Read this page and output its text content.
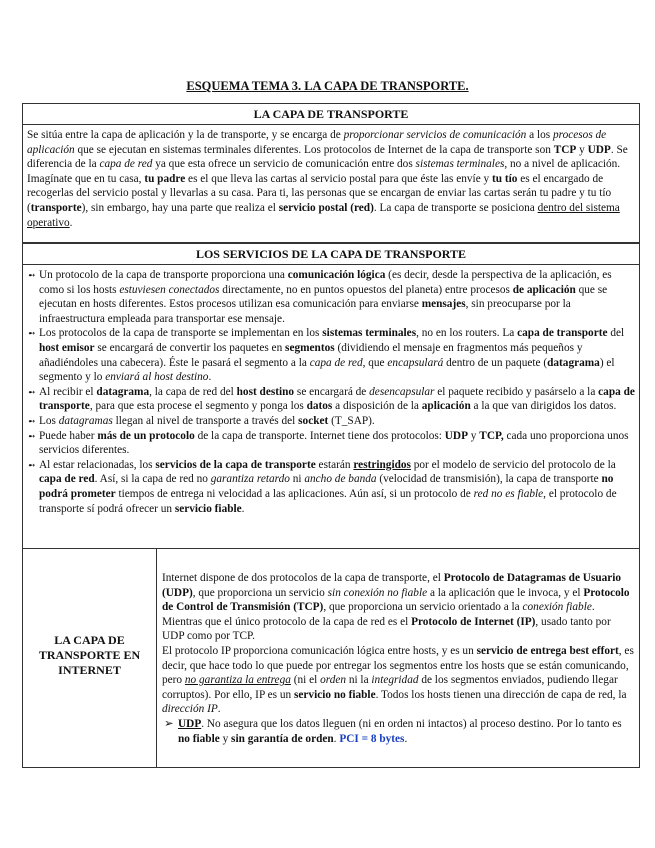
ESQUEMA TEMA 3. LA CAPA DE TRANSPORTE.
LA CAPA DE TRANSPORTE
Se sitúa entre la capa de aplicación y la de transporte, y se encarga de proporcionar servicios de comunicación a los procesos de aplicación que se ejecutan en sistemas terminales diferentes. Los protocolos de Internet de la capa de transporte son TCP y UDP. Se diferencia de la capa de red ya que esta ofrece un servicio de comunicación entre dos sistemas terminales, no a nivel de aplicación. Imagínate que en tu casa, tu padre es el que lleva las cartas al servicio postal para que éste las envíe y tu tío es el encargado de recogerlas del servicio postal y llevarlas a su casa. Para ti, las personas que se encargan de enviar las cartas serán tu padre y tu tío (transporte), sin embargo, hay una parte que realiza el servicio postal (red). La capa de transporte se posiciona dentro del sistema operativo.
LOS SERVICIOS DE LA CAPA DE TRANSPORTE
➻ Un protocolo de la capa de transporte proporciona una comunicación lógica (es decir, desde la perspectiva de la aplicación, es como si los hosts estuviesen conectados directamente, no en puntos opuestos del planeta) entre procesos de aplicación que se ejecutan en hosts diferentes. Estos procesos utilizan esa comunicación para enviarse mensajes, sin preocuparse por la infraestructura empleada para transportar ese mensaje.
➻ Los protocolos de la capa de transporte se implementan en los sistemas terminales, no en los routers. La capa de transporte del host emisor se encargará de convertir los paquetes en segmentos (dividiendo el mensaje en fragmentos más pequeños y añadiéndoles una cabecera). Éste le pasará el segmento a la capa de red, que encapsulará dentro de un paquete (datagrama) el segmento y lo enviará al host destino.
➻ Al recibir el datagrama, la capa de red del host destino se encargará de desencapsular el paquete recibido y pasárselo a la capa de transporte, para que esta procese el segmento y ponga los datos a disposición de la aplicación a la que van dirigidos los datos.
➻ Los datagramas llegan al nivel de transporte a través del socket (T_SAP).
➻ Puede haber más de un protocolo de la capa de transporte. Internet tiene dos protocolos: UDP y TCP, cada uno proporciona unos servicios diferentes.
➻ Al estar relacionadas, los servicios de la capa de transporte estarán restringidos por el modelo de servicio del protocolo de la capa de red. Así, si la capa de red no garantiza retardo ni ancho de banda (velocidad de transmisión), la capa de transporte no podrá prometer tiempos de entrega ni velocidad a las aplicaciones. Aún así, si un protocolo de red no es fiable, el protocolo de transporte sí podrá ofrecer un servicio fiable.
LA CAPA DE TRANSPORTE EN INTERNET
Internet dispone de dos protocolos de la capa de transporte, el Protocolo de Datagramas de Usuario (UDP), que proporciona un servicio sin conexión no fiable a la aplicación que le invoca, y el Protocolo de Control de Transmisión (TCP), que proporciona un servicio orientado a la conexión fiable. Mientras que el único protocolo de la capa de red es el Protocolo de Internet (IP), usado tanto por UDP como por TCP.
El protocolo IP proporciona comunicación lógica entre hosts, y es un servicio de entrega best effort, es decir, que hace todo lo que puede por entregar los segmentos entre los hosts que se están comunicando, pero no garantiza la entrega (ni el orden ni la integridad de los segmentos enviados, pudiendo llegar corruptos). Por ello, IP es un servicio no fiable. Todos los hosts tienen una dirección de capa de red, la dirección IP.
➢ UDP. No asegura que los datos lleguen (ni en orden ni intactos) al proceso destino. Por lo tanto es no fiable y sin garantía de orden. PCI = 8 bytes.
